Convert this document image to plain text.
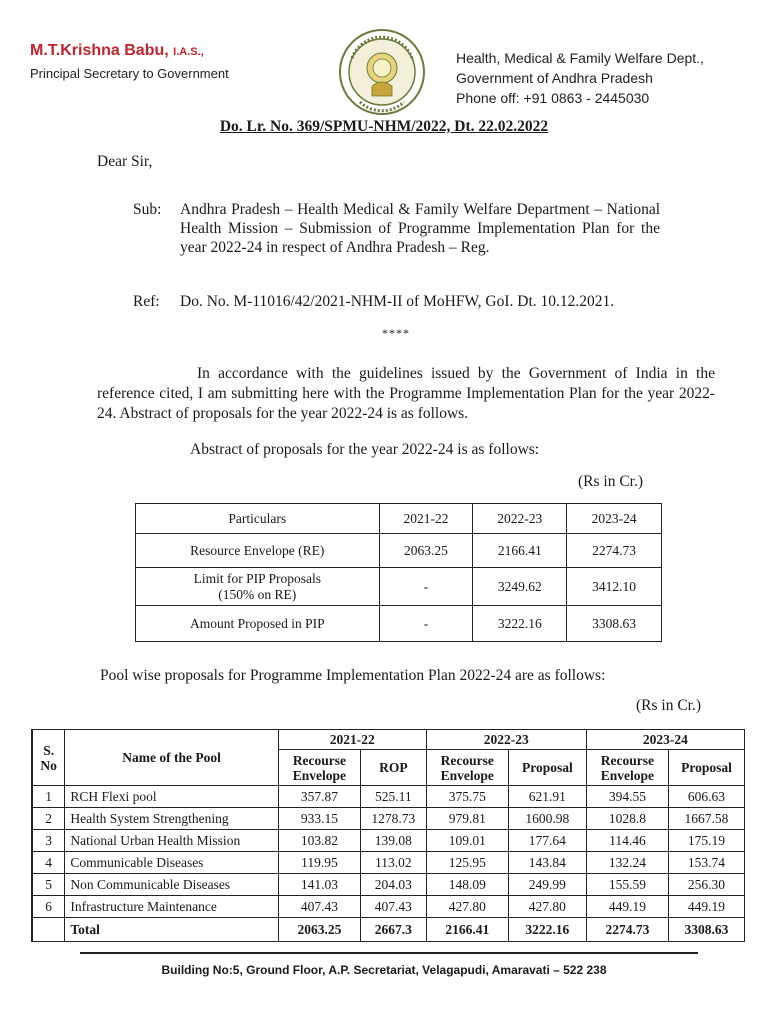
M.T.Krishna Babu, I.A.S.,
Principal Secretary to Government
Health, Medical & Family Welfare Dept.,
Government of Andhra Pradesh
Phone off: +91 0863 - 2445030
Do. Lr. No. 369/SPMU-NHM/2022, Dt. 22.02.2022
Dear Sir,
Sub: Andhra Pradesh – Health Medical & Family Welfare Department – National Health Mission – Submission of Programme Implementation Plan for the year 2022-24 in respect of Andhra Pradesh – Reg.
Ref: Do. No. M-11016/42/2021-NHM-II of MoHFW, GoI. Dt. 10.12.2021.
****

In accordance with the guidelines issued by the Government of India in the reference cited, I am submitting here with the Programme Implementation Plan for the year 2022-24. Abstract of proposals for the year 2022-24 is as follows.

Abstract of proposals for the year 2022-24 is as follows:
(Rs in Cr.)
Particulars	2021-22	2022-23	2023-24
Resource Envelope (RE)	2063.25	2166.41	2274.73
Limit for PIP Proposals (150% on RE)	-	3249.62	3412.10
Amount Proposed in PIP	-	3222.16	3308.63
Pool wise proposals for Programme Implementation Plan 2022-24 are as follows:
(Rs in Cr.)
S. No	Name of the Pool	2021-22		2022-23		2023-24	
		Recourse Envelope	ROP	Recourse Envelope	Proposal	Recourse Envelope	Proposal
1	RCH Flexi pool	357.87	525.11	375.75	621.91	394.55	606.63
2	Health System Strengthening	933.15	1278.73	979.81	1600.98	1028.8	1667.58
3	National Urban Health Mission	103.82	139.08	109.01	177.64	114.46	175.19
4	Communicable Diseases	119.95	113.02	125.95	143.84	132.24	153.74
5	Non Communicable Diseases	141.03	204.03	148.09	249.99	155.59	256.30
6	Infrastructure Maintenance	407.43	407.43	427.80	427.80	449.19	449.19
	Total	2063.25	2667.3	2166.41	3222.16	2274.73	3308.63
Building No:5, Ground Floor, A.P. Secretariat, Velagapudi, Amaravati – 522 238
